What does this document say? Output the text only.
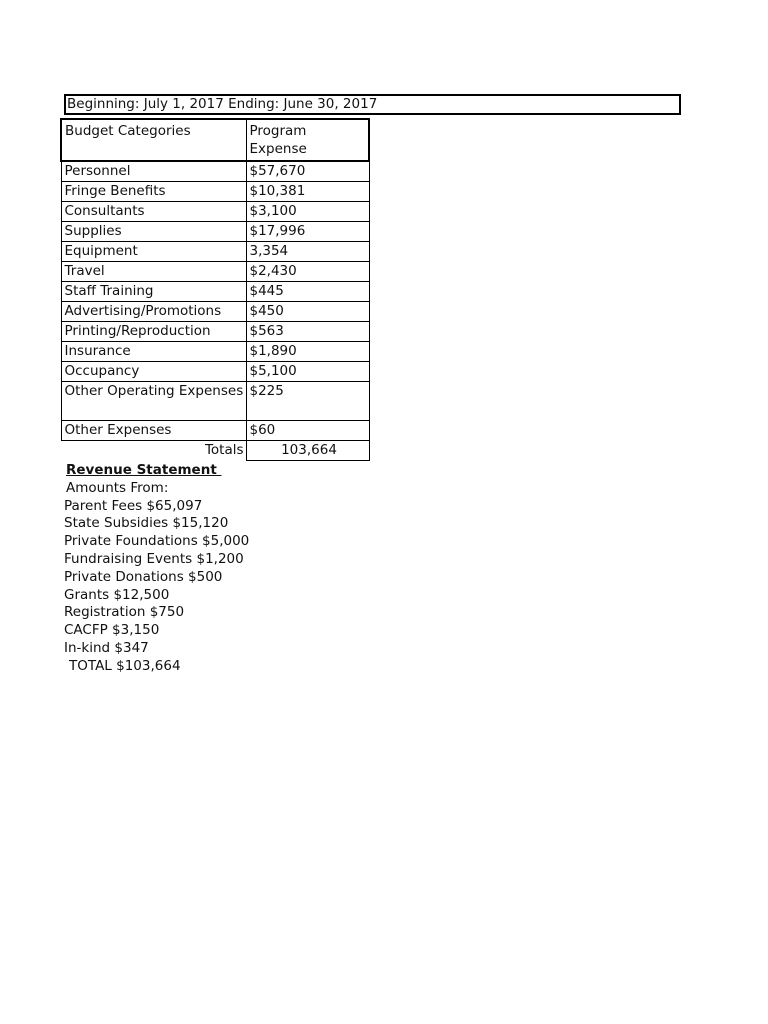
Beginning: July 1, 2017 Ending: June 30, 2017
Budget Categories	Program Expense
Personnel	$57,670
Fringe Benefits	$10,381
Consultants	$3,100
Supplies	$17,996
Equipment	3,354
Travel	$2,430
Staff Training	$445
Advertising/Promotions	$450
Printing/Reproduction	$563
Insurance	$1,890
Occupancy	$5,100
Other Operating Expenses	$225
Other Expenses	$60
Totals	103,664
Revenue Statement
Amounts From:
Parent Fees $65,097
State Subsidies $15,120
Private Foundations $5,000
Fundraising Events $1,200
Private Donations $500
Grants $12,500
Registration $750
CACFP $3,150
In-kind $347
TOTAL $103,664
